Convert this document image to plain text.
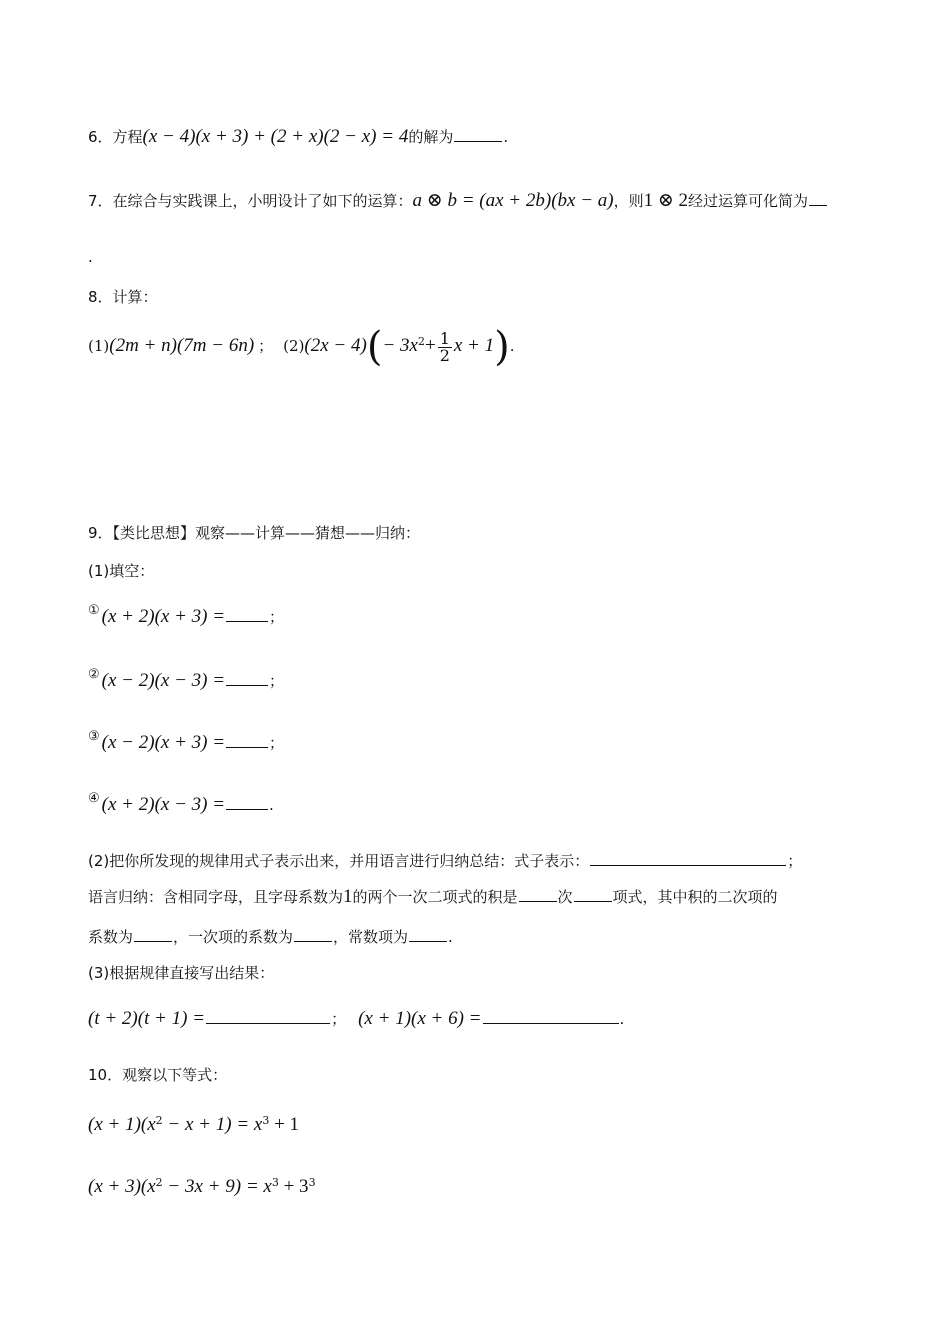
6．方程(x − 4)(x + 3) + (2 + x)(2 − x) = 4的解为	.
7．在综合与实践课上，小明设计了如下的运算：a ⊗ b = (ax + 2b)(bx − a)，则1 ⊗ 2经过运算可化简为
.
8．计算：
(1)(2m + n)(7m − 6n) ； $(2)(2x - 4)(- 3x^2+ \frac{1}{2}$ x + 1).
9．【类比思想】观察——计算——猜想——归纳：
(1)填空：
① (x + 2)(x + 3) =	；
② (x − 2)(x − 3) =	；
③ (x − 2)(x + 3) =	；
④ (x + 2)(x − 3) =	.
(2)把你所发现的规律用式子表示出来，并用语言进行归纳总结：式子表示：	；
语言归纳：含相同字母，且字母系数为1的两个一次二项式的积是	次	项式，其中积的二次项的
系数为	，一次项的系数为	，常数项为	.
(3)根据规律直接写出结果：
(t + 2)(t + 1) =	； (x + 1)(x + 6) =	.
10．观察以下等式：
$(x + 1)(x^2 - x + 1) = x^3 + 1$
$(x + 3)(x^2 - 3x + 9) = x^3 + 3^3$
